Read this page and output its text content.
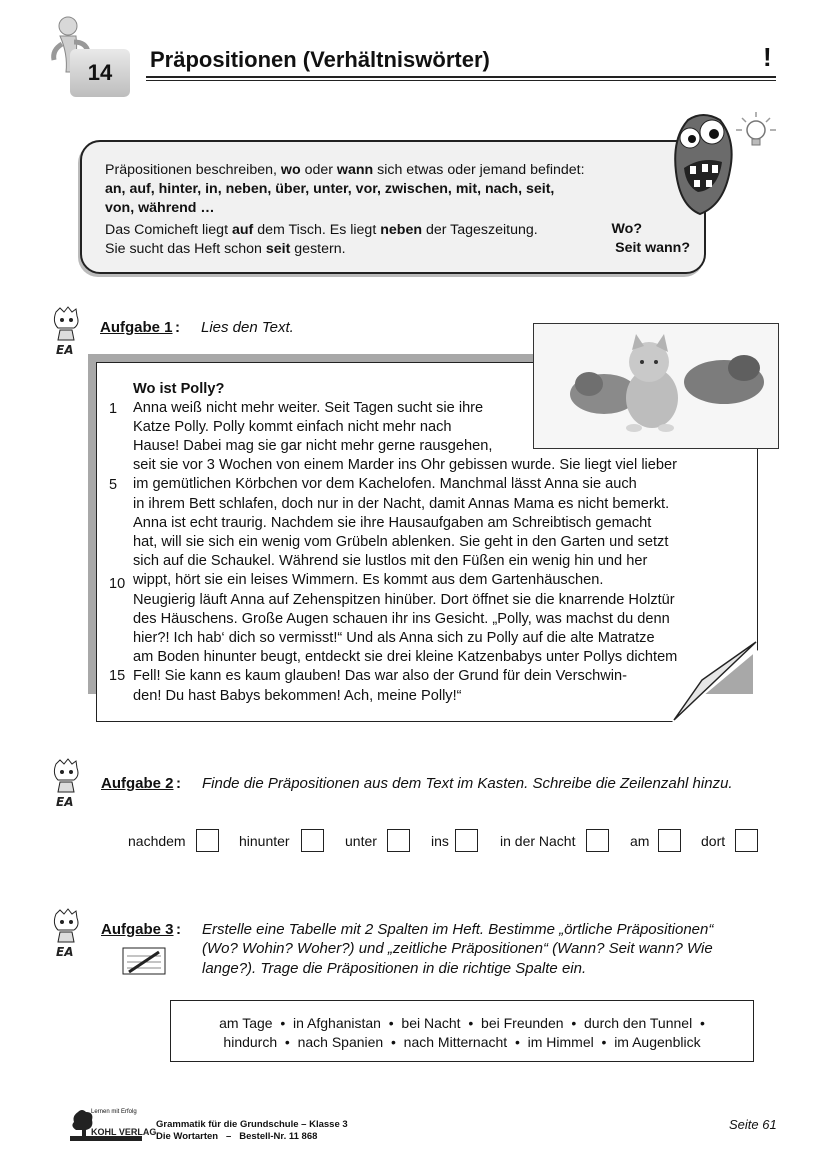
14
Präpositionen (Verhältniswörter)	!
Präpositionen beschreiben, wo oder wann sich etwas oder jemand befindet:
an, auf, hinter, in, neben, über, unter, vor, zwischen, mit, nach, seit,
von, während …
Das Comicheft liegt auf dem Tisch. Es liegt neben der Tageszeitung.	Wo?
Sie sucht das Heft schon seit gestern.	Seit wann?
EA
Aufgabe 1 : Lies den Text.
Wo ist Polly?
1
5
10
15
Anna weiß nicht mehr weiter. Seit Tagen sucht sie ihre
Katze Polly. Polly kommt einfach nicht mehr nach
Hause! Dabei mag sie gar nicht mehr gerne rausgehen,
seit sie vor 3 Wochen von einem Marder ins Ohr gebissen wurde. Sie liegt viel lieber
im gemütlichen Körbchen vor dem Kachelofen. Manchmal lässt Anna sie auch
in ihrem Bett schlafen, doch nur in der Nacht, damit Annas Mama es nicht bemerkt.
Anna ist echt traurig. Nachdem sie ihre Hausaufgaben am Schreibtisch gemacht
hat, will sie sich ein wenig vom Grübeln ablenken. Sie geht in den Garten und setzt
sich auf die Schaukel. Während sie lustlos mit den Füßen ein wenig hin und her
wippt, hört sie ein leises Wimmern. Es kommt aus dem Gartenhäuschen.
Neugierig läuft Anna auf Zehenspitzen hinüber. Dort öffnet sie die knarrende Holztür
des Häuschens. Große Augen schauen ihr ins Gesicht. „Polly, was machst du denn
hier?! Ich hab‘ dich so vermisst!“ Und als Anna sich zu Polly auf die alte Matratze
am Boden hinunter beugt, entdeckt sie drei kleine Katzenbabys unter Pollys dichtem
Fell! Sie kann es kaum glauben! Das war also der Grund für dein Verschwin-
den! Du hast Babys bekommen! Ach, meine Polly!“
EA
Aufgabe 2 : Finde die Präpositionen aus dem Text im Kasten. Schreibe die Zeilenzahl hinzu.
nachdem	hinunter	unter	ins	in der Nacht	am	dort
EA
Aufgabe 3 : Erstelle eine Tabelle mit 2 Spalten im Heft. Bestimme „örtliche Präpositionen“
(Wo? Wohin? Woher?) und „zeitliche Präpositionen“ (Wann? Seit wann? Wie
lange?). Trage die Präpositionen in die richtige Spalte ein.
am Tage  •  in Afghanistan  •  bei Nacht  •  bei Freunden  •  durch den Tunnel  •
hindurch  •  nach Spanien  •  nach Mitternacht  •  im Himmel  •  im Augenblick
Lernen mit Erfolg
KOHL VERLAG
Grammatik für die Grundschule – Klasse 3
Die Wortarten   –   Bestell-Nr. 11 868
Seite 61
